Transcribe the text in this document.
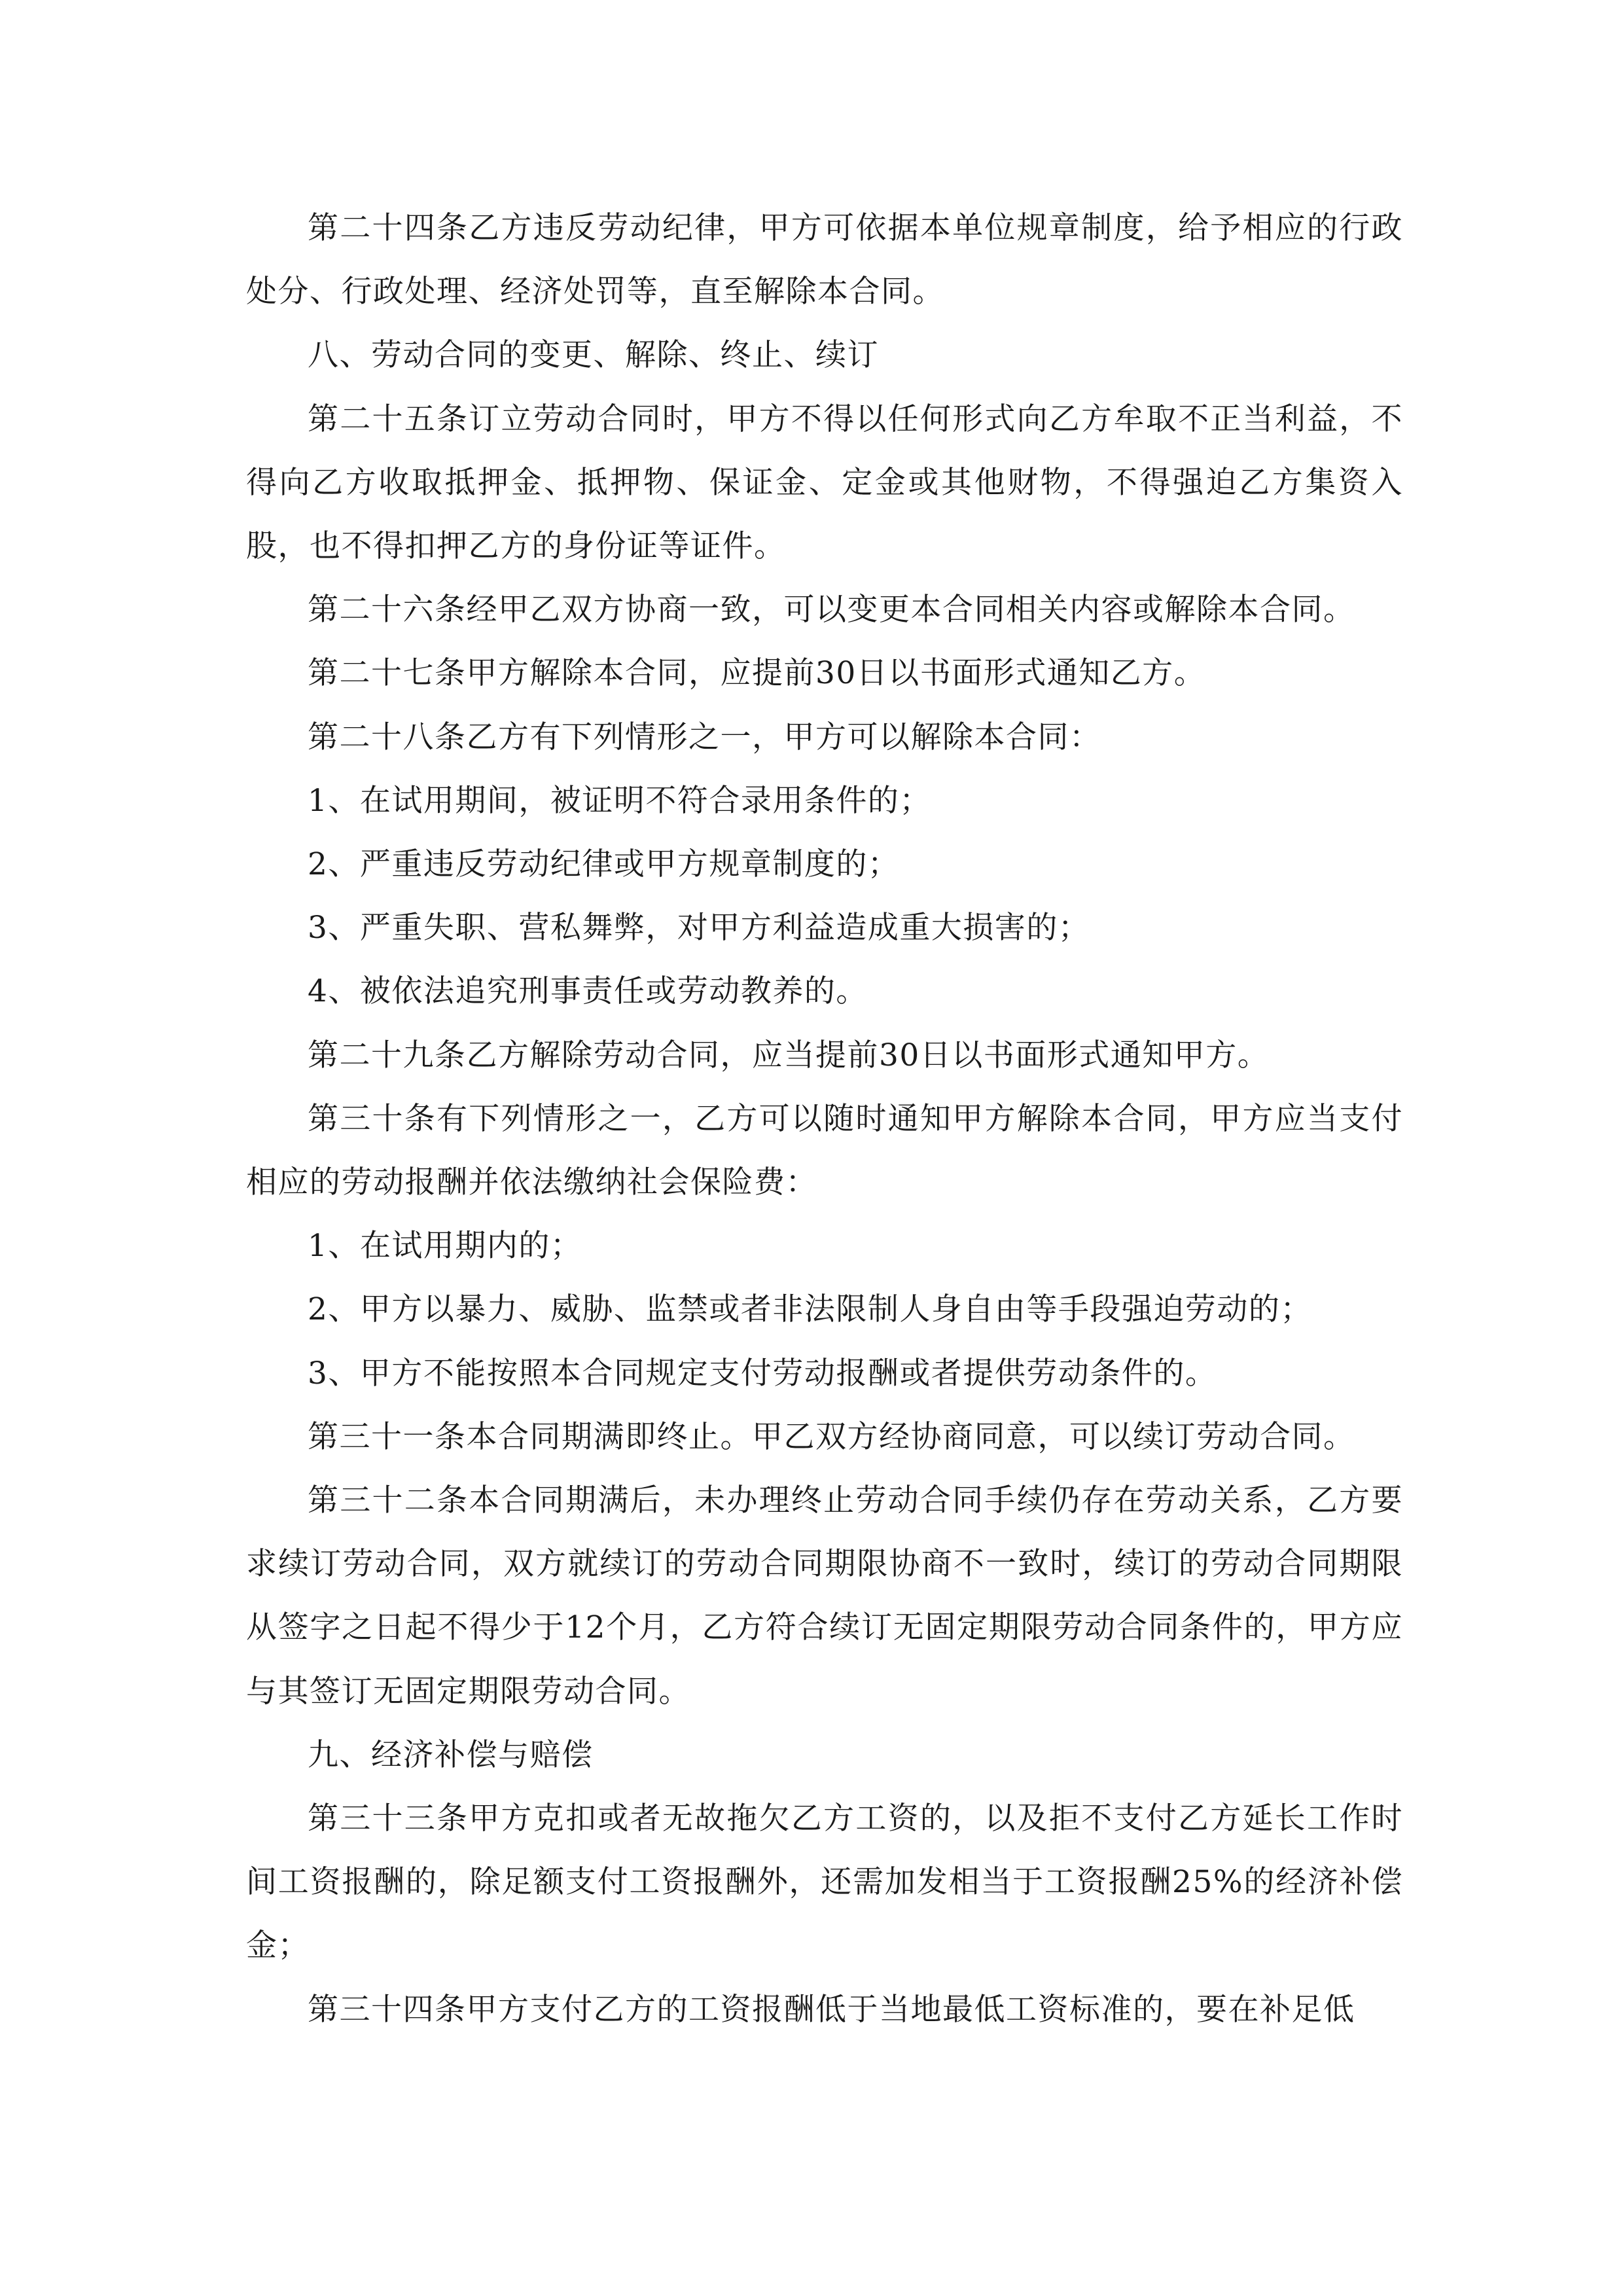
第二十四条乙方违反劳动纪律，甲方可依据本单位规章制度，给予相应的行政处分、行政处理、经济处罚等，直至解除本合同。

八、劳动合同的变更、解除、终止、续订

第二十五条订立劳动合同时，甲方不得以任何形式向乙方牟取不正当利益，不得向乙方收取抵押金、抵押物、保证金、定金或其他财物，不得强迫乙方集资入股，也不得扣押乙方的身份证等证件。

第二十六条经甲乙双方协商一致，可以变更本合同相关内容或解除本合同。

第二十七条甲方解除本合同，应提前30日以书面形式通知乙方。

第二十八条乙方有下列情形之一，甲方可以解除本合同：

1、在试用期间，被证明不符合录用条件的；

2、严重违反劳动纪律或甲方规章制度的；

3、严重失职、营私舞弊，对甲方利益造成重大损害的；

4、被依法追究刑事责任或劳动教养的。

第二十九条乙方解除劳动合同，应当提前30日以书面形式通知甲方。

第三十条有下列情形之一，乙方可以随时通知甲方解除本合同，甲方应当支付相应的劳动报酬并依法缴纳社会保险费：

1、在试用期内的；

2、甲方以暴力、威胁、监禁或者非法限制人身自由等手段强迫劳动的；

3、甲方不能按照本合同规定支付劳动报酬或者提供劳动条件的。

第三十一条本合同期满即终止。甲乙双方经协商同意，可以续订劳动合同。

第三十二条本合同期满后，未办理终止劳动合同手续仍存在劳动关系，乙方要求续订劳动合同，双方就续订的劳动合同期限协商不一致时，续订的劳动合同期限从签字之日起不得少于12个月，乙方符合续订无固定期限劳动合同条件的，甲方应与其签订无固定期限劳动合同。

九、经济补偿与赔偿

第三十三条甲方克扣或者无故拖欠乙方工资的，以及拒不支付乙方延长工作时间工资报酬的，除足额支付工资报酬外，还需加发相当于工资报酬25%的经济补偿金；

第三十四条甲方支付乙方的工资报酬低于当地最低工资标准的，要在补足低
